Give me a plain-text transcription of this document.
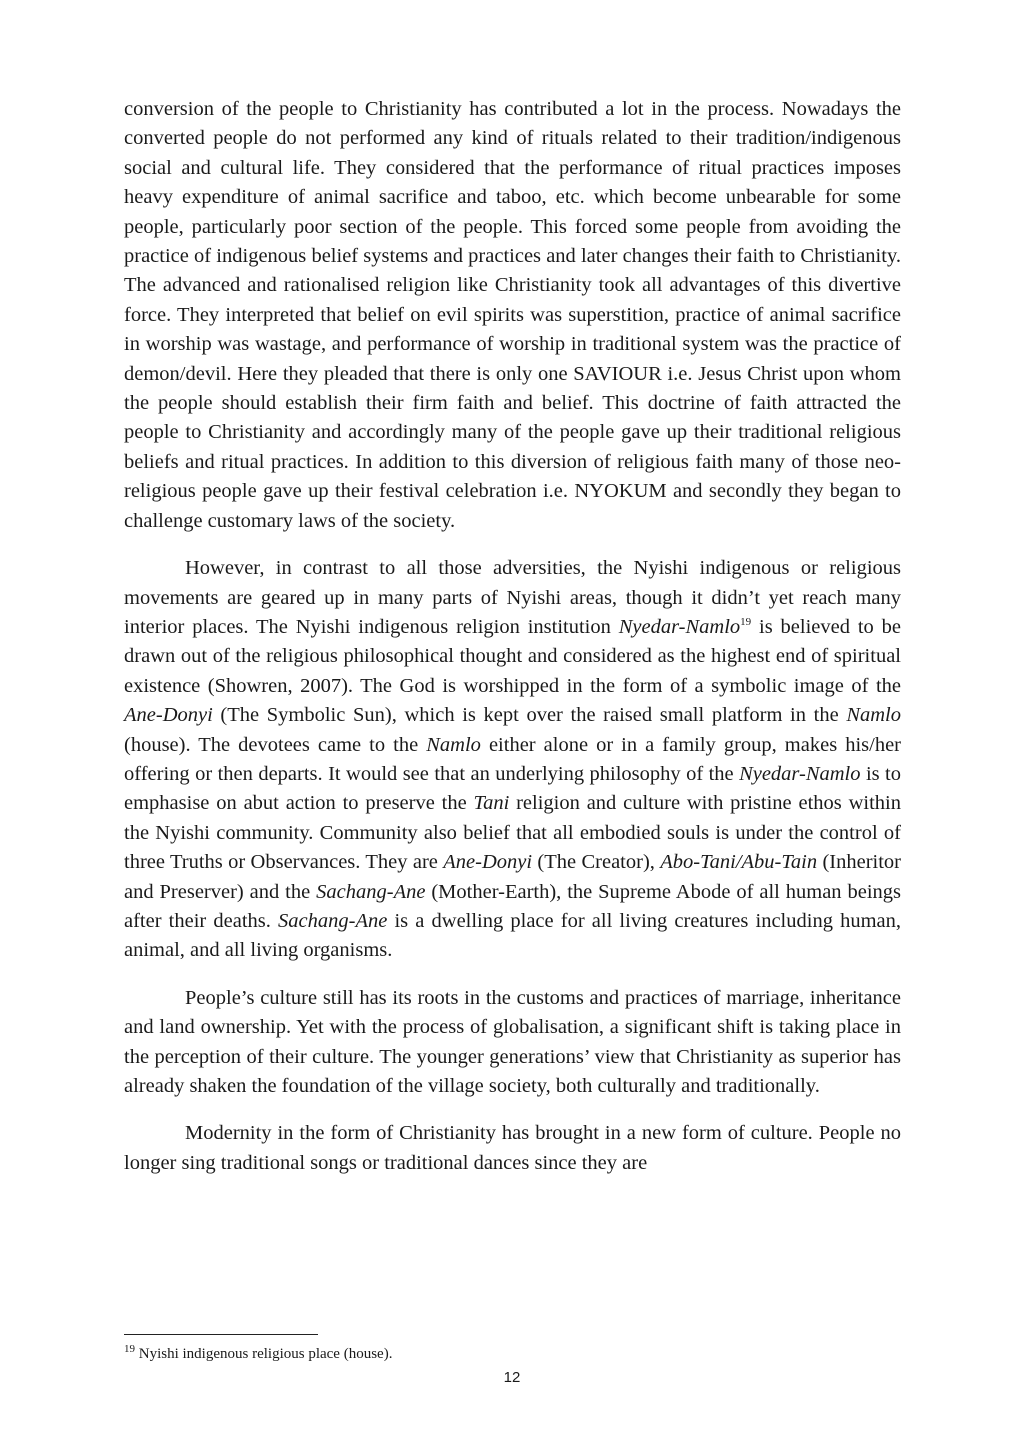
conversion of the people to Christianity has contributed a lot in the process. Nowadays the converted people do not performed any kind of rituals related to their tradition/indigenous social and cultural life. They considered that the performance of ritual practices imposes heavy expenditure of animal sacrifice and taboo, etc. which become unbearable for some people, particularly poor section of the people. This forced some people from avoiding the practice of indigenous belief systems and practices and later changes their faith to Christianity. The advanced and rationalised religion like Christianity took all advantages of this divertive force. They interpreted that belief on evil spirits was superstition, practice of animal sacrifice in worship was wastage, and performance of worship in traditional system was the practice of demon/devil. Here they pleaded that there is only one SAVIOUR i.e. Jesus Christ upon whom the people should establish their firm faith and belief. This doctrine of faith attracted the people to Christianity and accordingly many of the people gave up their traditional religious beliefs and ritual practices. In addition to this diversion of religious faith many of those neo-religious people gave up their festival celebration i.e. NYOKUM and secondly they began to challenge customary laws of the society.

However, in contrast to all those adversities, the Nyishi indigenous or religious movements are geared up in many parts of Nyishi areas, though it didn’t yet reach many interior places. The Nyishi indigenous religion institution Nyedar-Namlo$^{19}$ is believed to be drawn out of the religious philosophical thought and considered as the highest end of spiritual existence (Showren, 2007). The God is worshipped in the form of a symbolic image of the Ane-Donyi (The Symbolic Sun), which is kept over the raised small platform in the Namlo (house). The devotees came to the Namlo either alone or in a family group, makes his/her offering or then departs. It would see that an underlying philosophy of the Nyedar-Namlo is to emphasise on abut action to preserve the Tani religion and culture with pristine ethos within the Nyishi community. Community also belief that all embodied souls is under the control of three Truths or Observances. They are Ane-Donyi (The Creator), Abo-Tani/Abu-Tain (Inheritor and Preserver) and the Sachang-Ane (Mother-Earth), the Supreme Abode of all human beings after their deaths. Sachang-Ane is a dwelling place for all living creatures including human, animal, and all living organisms.

People’s culture still has its roots in the customs and practices of marriage, inheritance and land ownership. Yet with the process of globalisation, a significant shift is taking place in the perception of their culture. The younger generations’ view that Christianity as superior has already shaken the foundation of the village society, both culturally and traditionally.

Modernity in the form of Christianity has brought in a new form of culture. People no longer sing traditional songs or traditional dances since they are

$^{19}$ Nyishi indigenous religious place (house).

12
